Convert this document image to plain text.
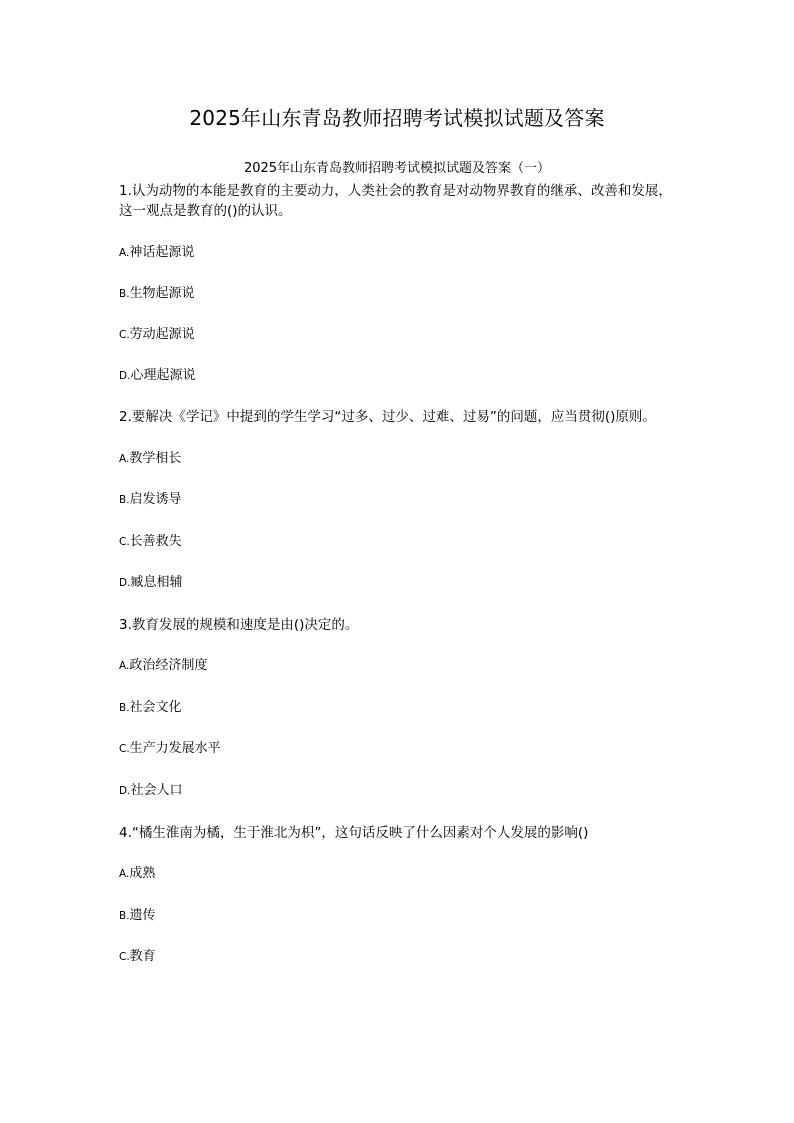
2025年山东青岛教师招聘考试模拟试题及答案
2025年山东青岛教师招聘考试模拟试题及答案（一）

1.认为动物的本能是教育的主要动力，人类社会的教育是对动物界教育的继承、改善和发展，这一观点是教育的()的认识。

A.神话起源说

B.生物起源说

C.劳动起源说

D.心理起源说

2.要解决《学记》中提到的学生学习“过多、过少、过难、过易”的问题，应当贯彻()原则。

A.教学相长

B.启发诱导

C.长善救失

D.臧息相辅

3.教育发展的规模和速度是由()决定的。

A.政治经济制度

B.社会文化

C.生产力发展水平

D.社会人口

4.“橘生淮南为橘，生于淮北为枳”，这句话反映了什么因素对个人发展的影响()

A.成熟

B.遗传

C.教育
